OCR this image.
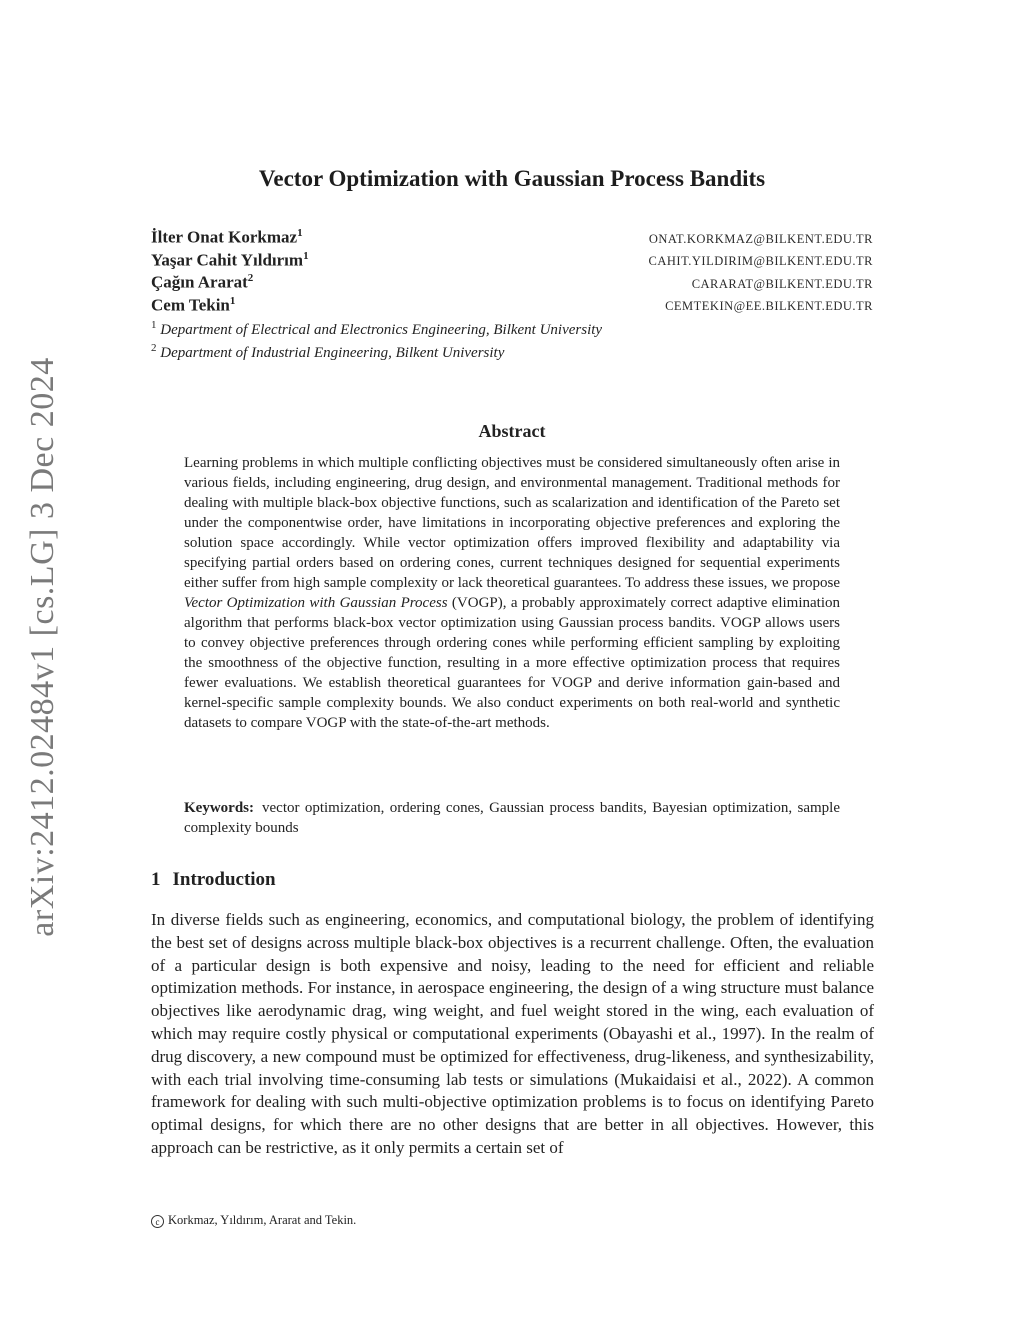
arXiv:2412.02484v1 [cs.LG] 3 Dec 2024
Vector Optimization with Gaussian Process Bandits
İlter Onat Korkmaz$^1$	ONAT.KORKMAZ@BILKENT.EDU.TR
Yaşar Cahit Yıldırım$^1$	CAHIT.YILDIRIM@BILKENT.EDU.TR
Çağın Ararat$^2$	CARARAT@BILKENT.EDU.TR
Cem Tekin$^1$	CEMTEKIN@EE.BILKENT.EDU.TR
$^1$ Department of Electrical and Electronics Engineering, Bilkent University
$^2$ Department of Industrial Engineering, Bilkent University
Abstract
Learning problems in which multiple conflicting objectives must be considered simultaneously often arise in various fields, including engineering, drug design, and environmental management. Traditional methods for dealing with multiple black-box objective functions, such as scalarization and identification of the Pareto set under the componentwise order, have limitations in incorporating objective preferences and exploring the solution space accordingly. While vector optimization offers improved flexibility and adaptability via specifying partial orders based on ordering cones, current techniques designed for sequential experiments either suffer from high sample complexity or lack theoretical guarantees. To address these issues, we propose Vector Optimization with Gaussian Process (VOGP), a probably approximately correct adaptive elimination algorithm that performs black-box vector optimization using Gaussian process bandits. VOGP allows users to convey objective preferences through ordering cones while performing efficient sampling by exploiting the smoothness of the objective function, resulting in a more effective optimization process that requires fewer evaluations. We establish theoretical guarantees for VOGP and derive information gain-based and kernel-specific sample complexity bounds. We also conduct experiments on both real-world and synthetic datasets to compare VOGP with the state-of-the-art methods.
Keywords: vector optimization, ordering cones, Gaussian process bandits, Bayesian optimization, sample complexity bounds
1 Introduction
In diverse fields such as engineering, economics, and computational biology, the problem of identifying the best set of designs across multiple black-box objectives is a recurrent challenge. Often, the evaluation of a particular design is both expensive and noisy, leading to the need for efficient and reliable optimization methods. For instance, in aerospace engineering, the design of a wing structure must balance objectives like aerodynamic drag, wing weight, and fuel weight stored in the wing, each evaluation of which may require costly physical or computational experiments (Obayashi et al., 1997). In the realm of drug discovery, a new compound must be optimized for effectiveness, drug-likeness, and synthesizability, with each trial involving time-consuming lab tests or simulations (Mukaidaisi et al., 2022). A common framework for dealing with such multi-objective optimization problems is to focus on identifying Pareto optimal designs, for which there are no other designs that are better in all objectives. However, this approach can be restrictive, as it only permits a certain set of
c Korkmaz, Yıldırım, Ararat and Tekin.
